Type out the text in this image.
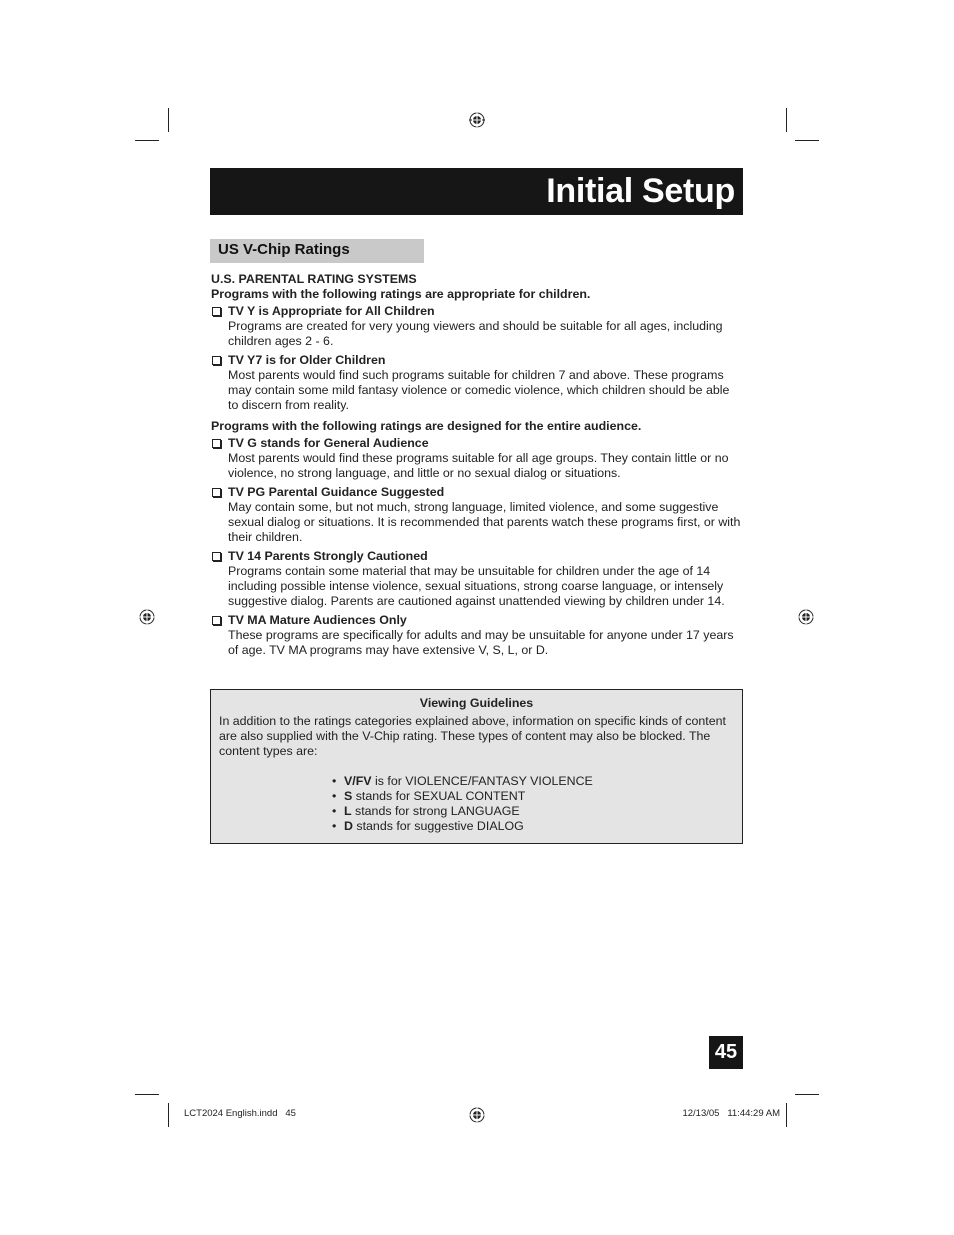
Initial Setup
US V-Chip Ratings

U.S. PARENTAL RATING SYSTEMS

Programs with the following ratings are appropriate for children.

TV Y is Appropriate for All Children
Programs are created for very young viewers and should be suitable for all ages, including children ages 2 - 6.
TV Y7 is for Older Children
Most parents would find such programs suitable for children 7 and above. These programs may contain some mild fantasy violence or comedic violence, which children should be able to discern from reality.

Programs with the following ratings are designed for the entire audience.

TV G stands for General Audience
Most parents would find these programs suitable for all age groups. They contain little or no violence, no strong language, and little or no sexual dialog or situations.
TV PG Parental Guidance Suggested
May contain some, but not much, strong language, limited violence, and some suggestive sexual dialog or situations. It is recommended that parents watch these programs first, or with their children.
TV 14 Parents Strongly Cautioned
Programs contain some material that may be unsuitable for children under the age of 14 including possible intense violence, sexual situations, strong coarse language, or intensely suggestive dialog. Parents are cautioned against unattended viewing by children under 14.
TV MA Mature Audiences Only
These programs are specifically for adults and may be unsuitable for anyone under 17 years of age. TV MA programs may have extensive V, S, L, or D.
Viewing Guidelines
In addition to the ratings categories explained above, information on specific kinds of content are also supplied with the V-Chip rating. These types of content may also be blocked. The content types are:
• V/FV is for VIOLENCE/FANTASY VIOLENCE
• S stands for SEXUAL CONTENT
• L stands for strong LANGUAGE
• D stands for suggestive DIALOG
45
LCT2024 English.indd   45	12/13/05   11:44:29 AM
